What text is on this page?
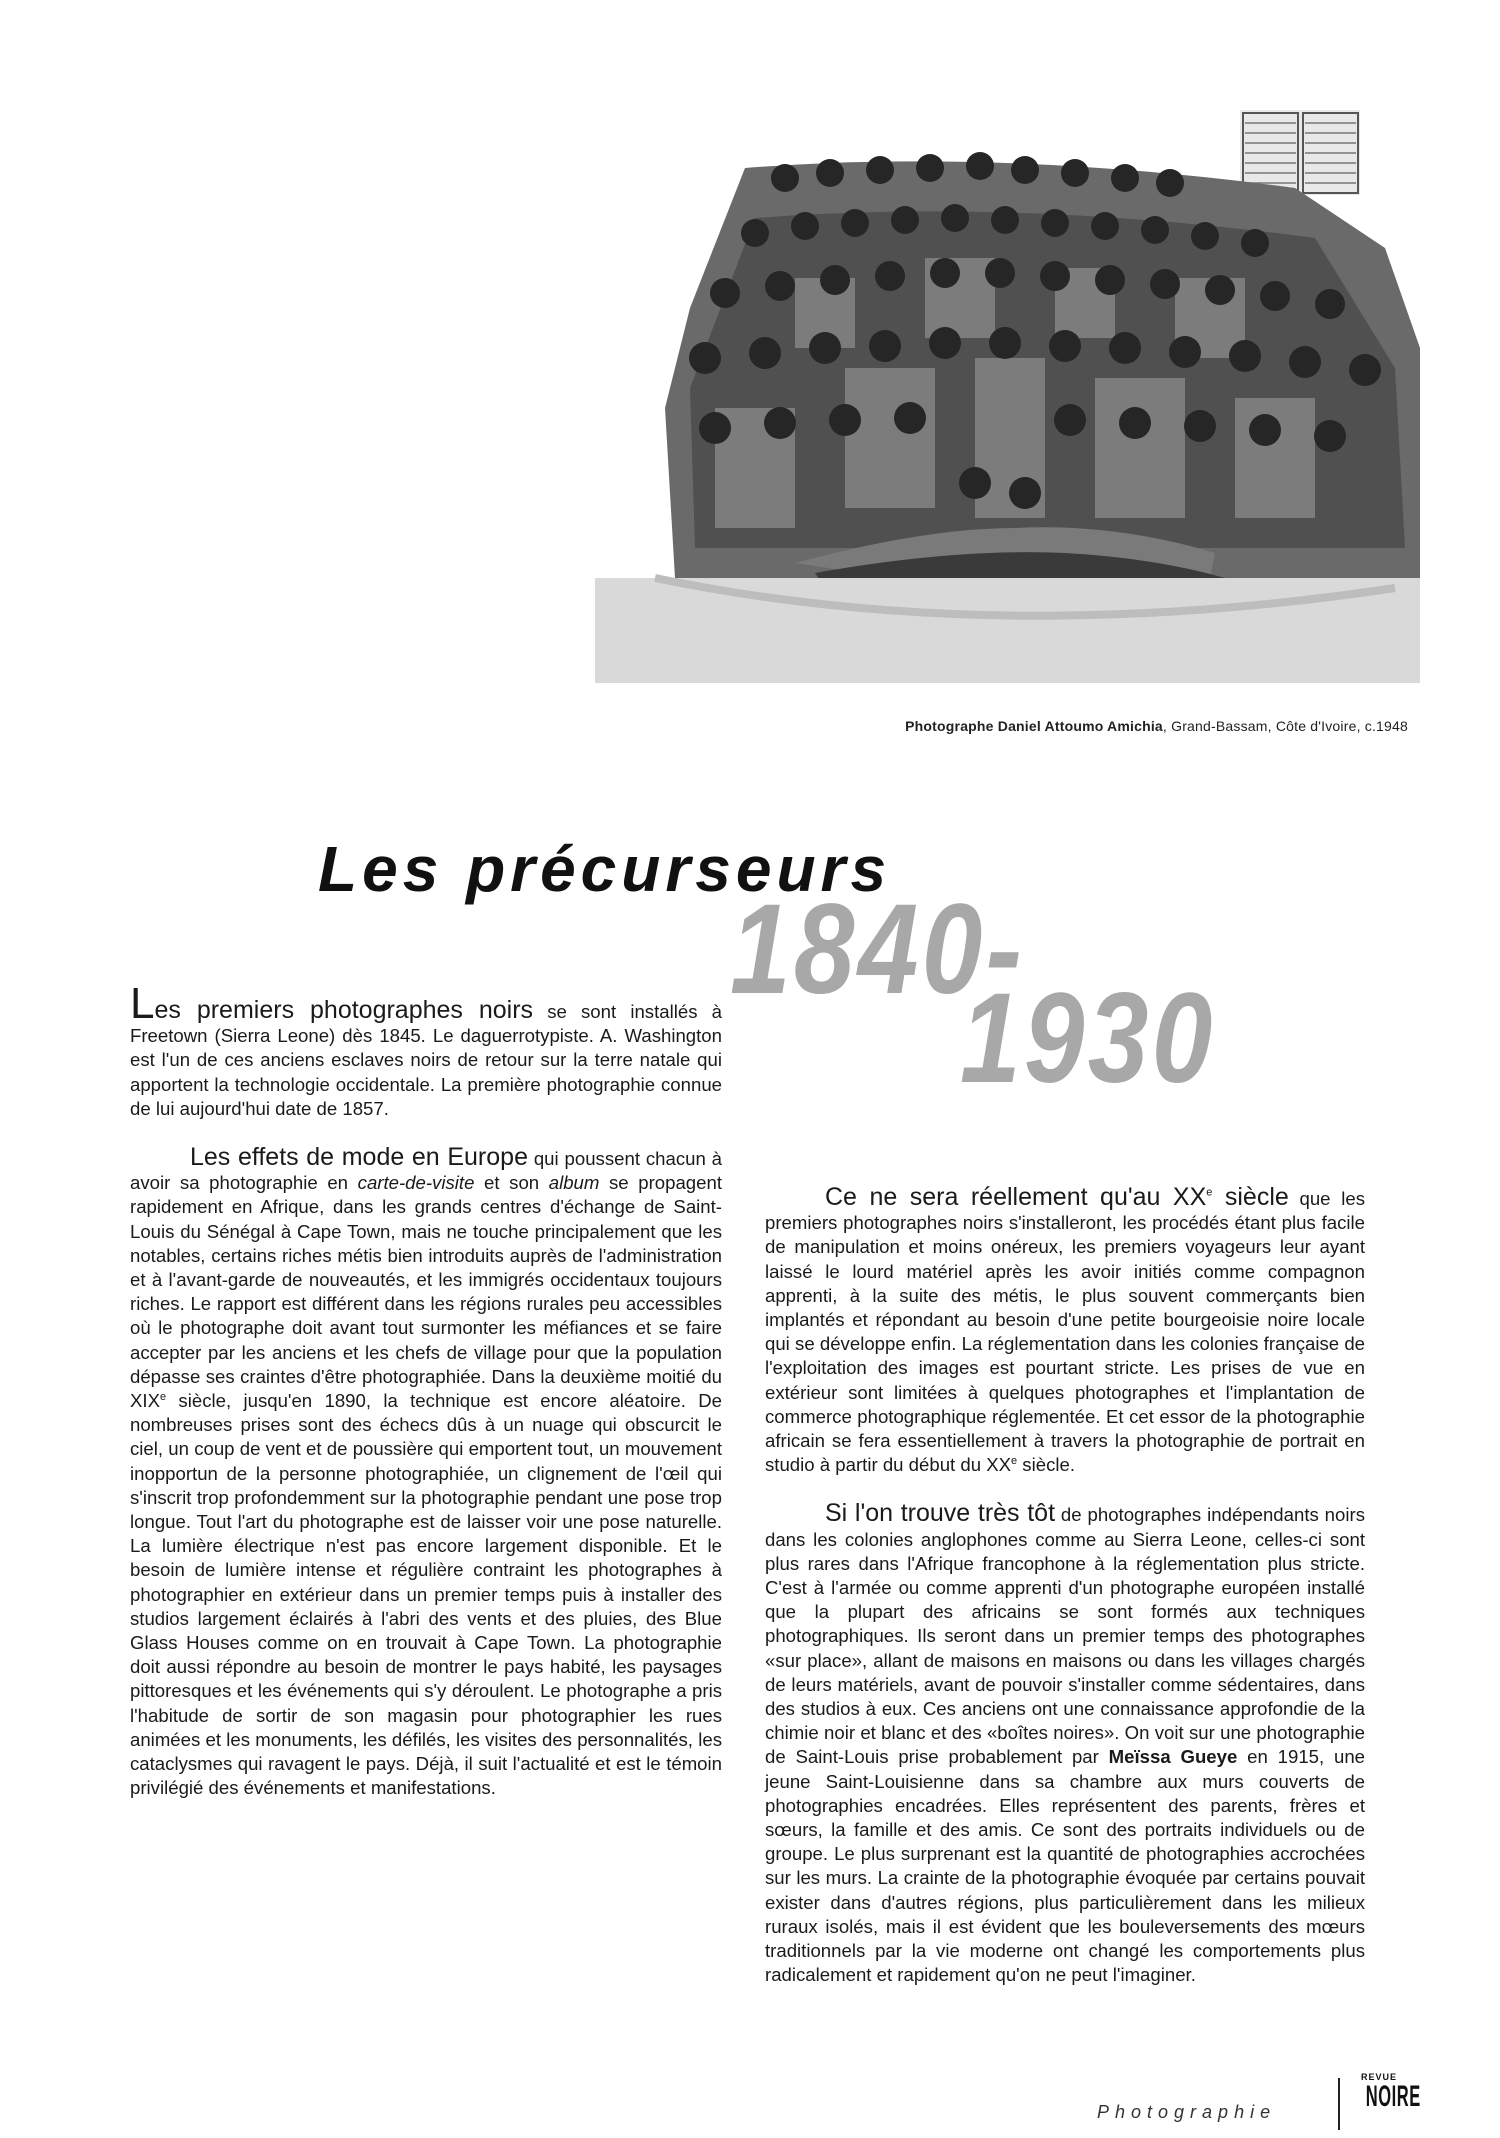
Photographe Daniel Attoumo Amichia, Grand-Bassam, Côte d'Ivoire, c.1948
Les précurseurs
1840-
1930

Les premiers photographes noirs se sont installés à Freetown (Sierra Leone) dès 1845. Le daguerrotypiste. A. Washington est l'un de ces anciens esclaves noirs de retour sur la terre natale qui apportent la technologie occidentale. La première photographie connue de lui aujourd'hui date de 1857.

Les effets de mode en Europe qui poussent chacun à avoir sa photographie en carte-de-visite et son album se propagent rapidement en Afrique, dans les grands centres d'échange de Saint-Louis du Sénégal à Cape Town, mais ne touche principalement que les notables, certains riches métis bien introduits auprès de l'administration et à l'avant-garde de nouveautés, et les immigrés occidentaux toujours riches. Le rapport est différent dans les régions rurales peu accessibles où le photographe doit avant tout surmonter les méfiances et se faire accepter par les anciens et les chefs de village pour que la population dépasse ses craintes d'être photographiée. Dans la deuxième moitié du XIXe siècle, jusqu'en 1890, la technique est encore aléatoire. De nombreuses prises sont des échecs dûs à un nuage qui obscurcit le ciel, un coup de vent et de poussière qui emportent tout, un mouvement inopportun de la personne photographiée, un clignement de l'œil qui s'inscrit trop profondemment sur la photographie pendant une pose trop longue. Tout l'art du photographe est de laisser voir une pose naturelle. La lumière électrique n'est pas encore largement disponible. Et le besoin de lumière intense et régulière contraint les photographes à photographier en extérieur dans un premier temps puis à installer des studios largement éclairés à l'abri des vents et des pluies, des Blue Glass Houses comme on en trouvait à Cape Town. La photographie doit aussi répondre au besoin de montrer le pays habité, les paysages pittoresques et les événements qui s'y déroulent. Le photographe a pris l'habitude de sortir de son magasin pour photographier les rues animées et les monuments, les défilés, les visites des personnalités, les cataclysmes qui ravagent le pays. Déjà, il suit l'actualité et est le témoin privilégié des événements et manifestations.

Ce ne sera réellement qu'au XXe siècle que les premiers photographes noirs s'installeront, les procédés étant plus facile de manipulation et moins onéreux, les premiers voyageurs leur ayant laissé le lourd matériel après les avoir initiés comme compagnon apprenti, à la suite des métis, le plus souvent commerçants bien implantés et répondant au besoin d'une petite bourgeoisie noire locale qui se développe enfin. La réglementation dans les colonies française de l'exploitation des images est pourtant stricte. Les prises de vue en extérieur sont limitées à quelques photographes et l'implantation de commerce photographique réglementée. Et cet essor de la photographie africain se fera essentiellement à travers la photographie de portrait en studio à partir du début du XXe siècle.

Si l'on trouve très tôt de photographes indépendants noirs dans les colonies anglophones comme au Sierra Leone, celles-ci sont plus rares dans l'Afrique francophone à la réglementation plus stricte. C'est à l'armée ou comme apprenti d'un photographe européen installé que la plupart des africains se sont formés aux techniques photographiques. Ils seront dans un premier temps des photographes «sur place», allant de maisons en maisons ou dans les villages chargés de leurs matériels, avant de pouvoir s'installer comme sédentaires, dans des studios à eux. Ces anciens ont une connaissance approfondie de la chimie noir et blanc et des «boîtes noires». On voit sur une photographie de Saint-Louis prise probablement par Meïssa Gueye en 1915, une jeune Saint-Louisienne dans sa chambre aux murs couverts de photographies encadrées. Elles représentent des parents, frères et sœurs, la famille et des amis. Ce sont des portraits individuels ou de groupe. Le plus surprenant est la quantité de photographies accrochées sur les murs. La crainte de la photographie évoquée par certains pouvait exister dans d'autres régions, plus particulièrement dans les milieux ruraux isolés, mais il est évident que les bouleversements des mœurs traditionnels par la vie moderne ont changé les comportements plus radicalement et rapidement qu'on ne peut l'imaginer.

Photographie
REVUE
NOIRE
